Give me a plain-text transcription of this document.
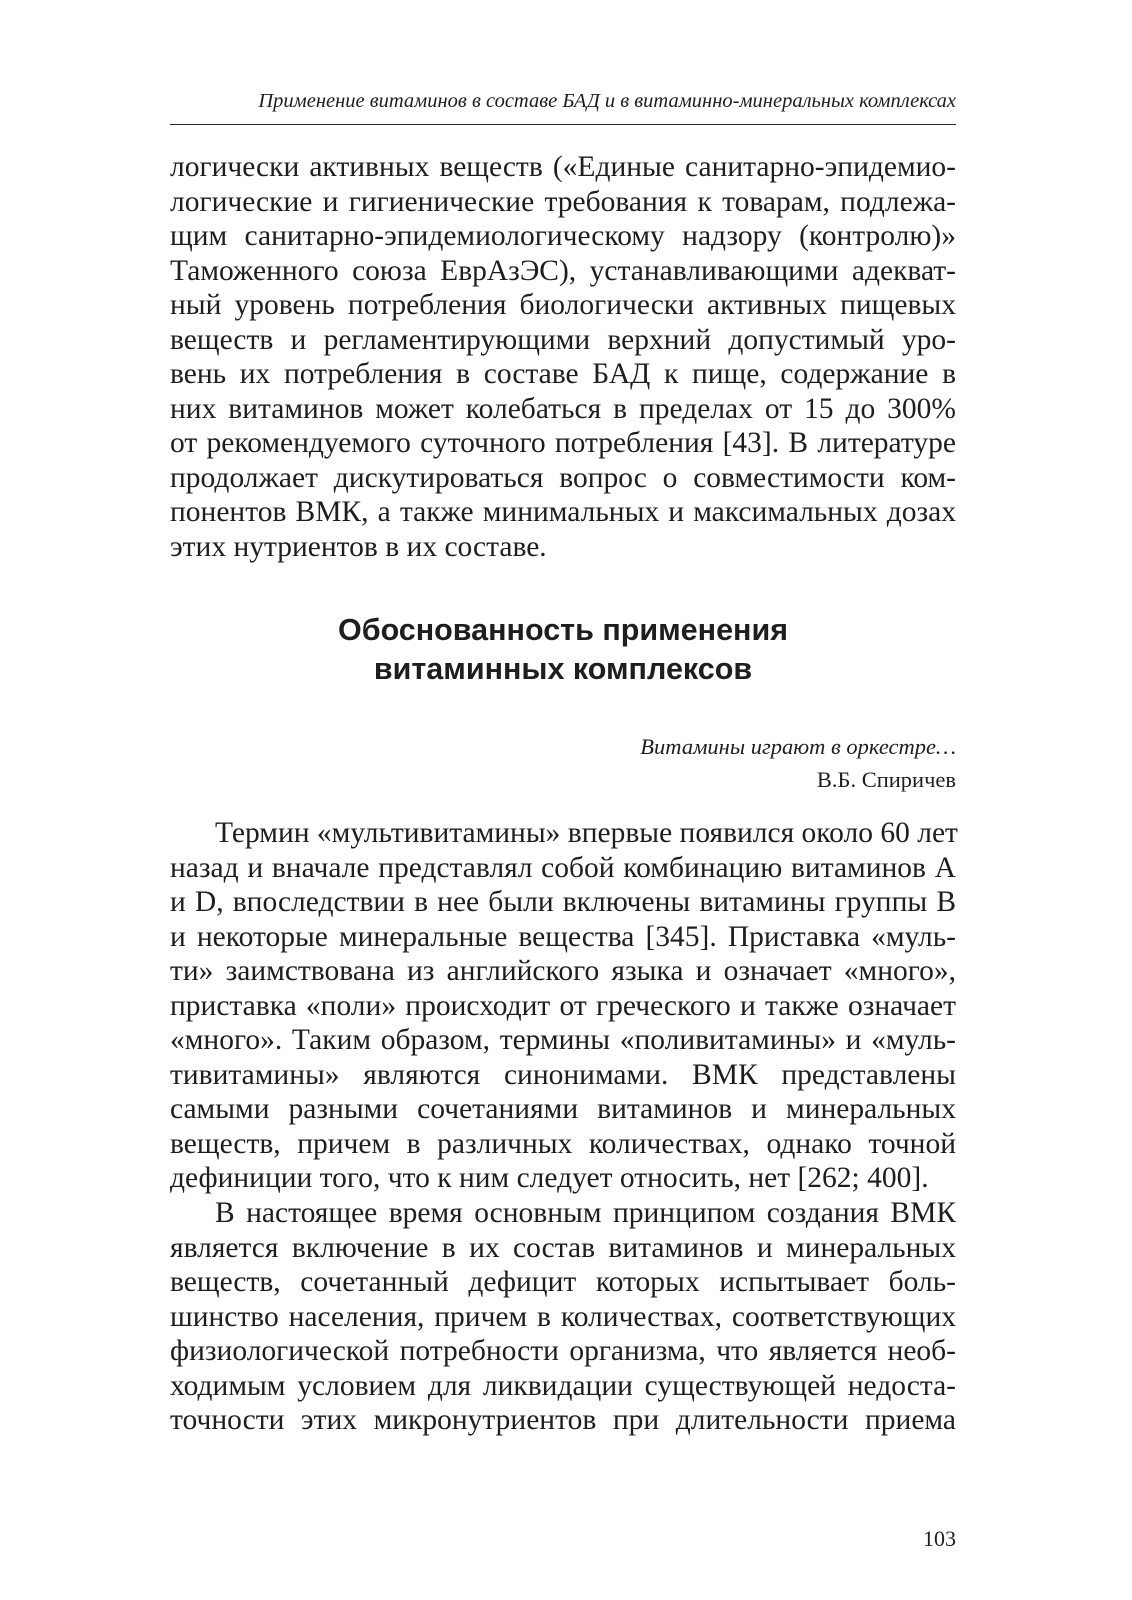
Применение витаминов в составе БАД и в витаминно-минеральных комплексах
логически активных веществ («Единые санитарно-эпидемио-
логические и гигиенические требования к товарам, подлежа-
щим санитарно-эпидемиологическому надзору (контролю)»
Таможенного союза ЕврАзЭС), устанавливающими адекват-
ный уровень потребления биологически активных пищевых
веществ и регламентирующими верхний допустимый уро-
вень их потребления в составе БАД к пище, содержание в
них витаминов может колебаться в пределах от 15 до 300%
от рекомендуемого суточного потребления [43]. В литературе
продолжает дискутироваться вопрос о совместимости ком-
понентов ВМК, а также минимальных и максимальных дозах
этих нутриентов в их составе.
Обоснованность применения
витаминных комплексов
Витамины играют в оркестре…
В.Б. Спиричев
Термин «мультивитамины» впервые появился около 60 лет
назад и вначале представлял собой комбинацию витаминов А
и D, впоследствии в нее были включены витамины группы В
и некоторые минеральные вещества [345]. Приставка «муль-
ти» заимствована из английского языка и означает «много»,
приставка «поли» происходит от греческого и также означает
«много». Таким образом, термины «поливитамины» и «муль-
тивитамины» являются синонимами. ВМК представлены
самыми разными сочетаниями витаминов и минеральных
веществ, причем в различных количествах, однако точной
дефиниции того, что к ним следует относить, нет [262; 400].
В настоящее время основным принципом создания ВМК
является включение в их состав витаминов и минеральных
веществ, сочетанный дефицит которых испытывает боль-
шинство населения, причем в количествах, соответствующих
физиологической потребности организма, что является необ-
ходимым условием для ликвидации существующей недоста-
точности этих микронутриентов при длительности приема
103
